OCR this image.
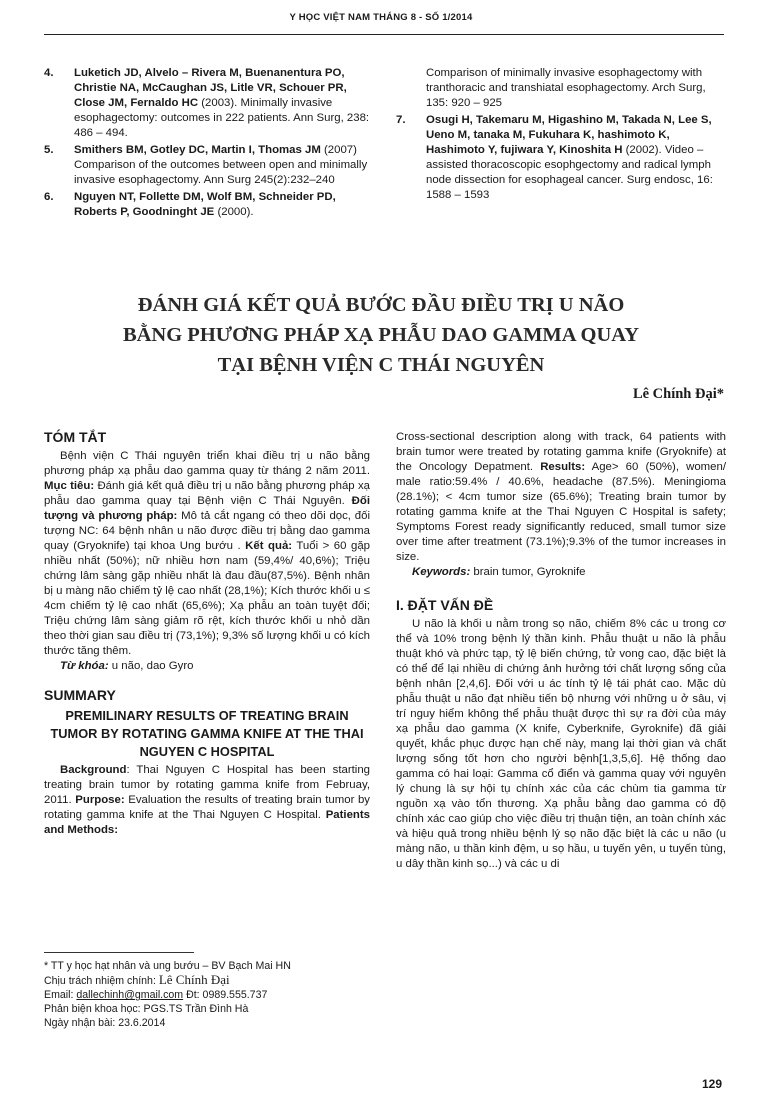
Y HỌC VIỆT NAM THÁNG 8 - SỐ 1/2014
4. Luketich JD, Alvelo – Rivera M, Buenanentura PO, Christie NA, McCaughan JS, Litle VR, Schouer PR, Close JM, Fernaldo HC (2003). Minimally invasive esophagectomy: outcomes in 222 patients. Ann Surg, 238: 486 – 494.
5. Smithers BM, Gotley DC, Martin I, Thomas JM (2007) Comparison of the outcomes between open and minimally invasive esophagectomy. Ann Surg 245(2):232–240
6. Nguyen NT, Follette DM, Wolf BM, Schneider PD, Roberts P, Goodninght JE (2000).
Comparison of minimally invasive esophagectomy with tranthoracic and transhiatal esophagectomy. Arch Surg, 135: 920 – 925
7. Osugi H, Takemaru M, Higashino M, Takada N, Lee S, Ueno M, tanaka M, Fukuhara K, hashimoto K, Hashimoto Y, fujiwara Y, Kinoshita H (2002). Video – assisted thoracoscopic esophgectomy and radical lymph node dissection for esophageal cancer. Surg endosc, 16: 1588 – 1593
ĐÁNH GIÁ KẾT QUẢ BƯỚC ĐẦU ĐIỀU TRỊ U NÃO
BẰNG PHƯƠNG PHÁP XẠ PHẪU DAO GAMMA QUAY
TẠI BỆNH VIỆN C THÁI NGUYÊN
Lê Chính Đại*
TÓM TẮT

Bệnh viện C Thái nguyên triển khai điều trị u não bằng phương pháp xạ phẫu dao gamma quay từ tháng 2 năm 2011. Mục tiêu: Đánh giá kết quả điều trị u não bằng phương pháp xạ phẫu dao gamma quay tại Bệnh viện C Thái Nguyên. Đối tượng và phương pháp: Mô tả cắt ngang có theo dõi dọc, đối tượng NC: 64 bệnh nhân u não được điều trị bằng dao gamma quay (Gryoknife) tại khoa Ung bướu . Kết quả: Tuổi > 60 gặp nhiều nhất (50%); nữ nhiều hơn nam (59,4%/ 40,6%); Triệu chứng lâm sàng gặp nhiều nhất là đau đầu(87,5%). Bệnh nhân bị u màng não chiếm tỷ lệ cao nhất (28,1%); Kích thước khối u ≤ 4cm chiếm tỷ lệ cao nhất (65,6%); Xạ phẫu an toàn tuyệt đối; Triệu chứng lâm sàng giảm rõ rệt, kích thước khối u nhỏ dần theo thời gian sau điều trị (73,1%); 9,3% số lượng khối u có kích thước tăng thêm.

Từ khóa: u não, dao Gyro

SUMMARY
PREMILINARY RESULTS OF TREATING BRAIN TUMOR BY ROTATING GAMMA KNIFE AT THE THAI NGUYEN C HOSPITAL

Background: Thai Nguyen C Hospital has been starting treating brain tumor by rotating gamma knife from Februay, 2011. Purpose: Evaluation the results of treating brain tumor by rotating gamma knife at the Thai Nguyen C Hospital. Patients and Methods:

* TT y học hạt nhân và ung bướu – BV Bạch Mai HN
Chịu trách nhiệm chính: Lê Chính Đại
Email: dallechinh@gmail.com Đt: 0989.555.737
Phản biện khoa học: PGS.TS Trần Đình Hà
Ngày nhận bài: 23.6.2014

Cross-sectional description along with track, 64 patients with brain tumor were treated by rotating gamma knife (Gryoknife) at the Oncology Depatment. Results: Age> 60 (50%), women/ male ratio:59.4% / 40.6%, headache (87.5%). Meningioma (28.1%); < 4cm tumor size (65.6%); Treating brain tumor by rotating gamma knife at the Thai Nguyen C Hospital is safety; Symptoms Forest ready significantly reduced, small tumor size over time after treatment (73.1%);9.3% of the tumor increases in size.

Keywords: brain tumor, Gyroknife

I. ĐẶT VẤN ĐỀ

U não là khối u nằm trong sọ não, chiếm 8% các u trong cơ thể và 10% trong bệnh lý thần kinh. Phẫu thuật u não là phẫu thuật khó và phức tạp, tỷ lệ biến chứng, tử vong cao, đặc biệt là có thể để lại nhiều di chứng ảnh hưởng tới chất lượng sống của bệnh nhân [2,4,6]. Đối với u ác tính tỷ lệ tái phát cao. Mặc dù phẫu thuật u não đạt nhiều tiến bộ nhưng với những u ở sâu, vị trí nguy hiểm không thể phẫu thuật được thì sự ra đời của máy xạ phẫu dao gamma (X knife, Cyberknife, Gyroknife) đã giải quyết, khắc phục được hạn chế này, mang lại thời gian và chất lượng sống tốt hơn cho người bệnh[1,3,5,6]. Hệ thống dao gamma có hai loại: Gamma cổ điển và gamma quay với nguyên lý chung là sự hội tụ chính xác của các chùm tia gamma từ nguồn xạ vào tổn thương. Xạ phẫu bằng dao gamma có độ chính xác cao giúp cho việc điều trị thuận tiện, an toàn chính xác và hiệu quả trong nhiều bệnh lý sọ não đặc biệt là các u não (u màng não, u thần kinh đệm, u sọ hầu, u tuyến yên, u tuyến tùng, u dây thần kinh sọ...) và các u di

129
